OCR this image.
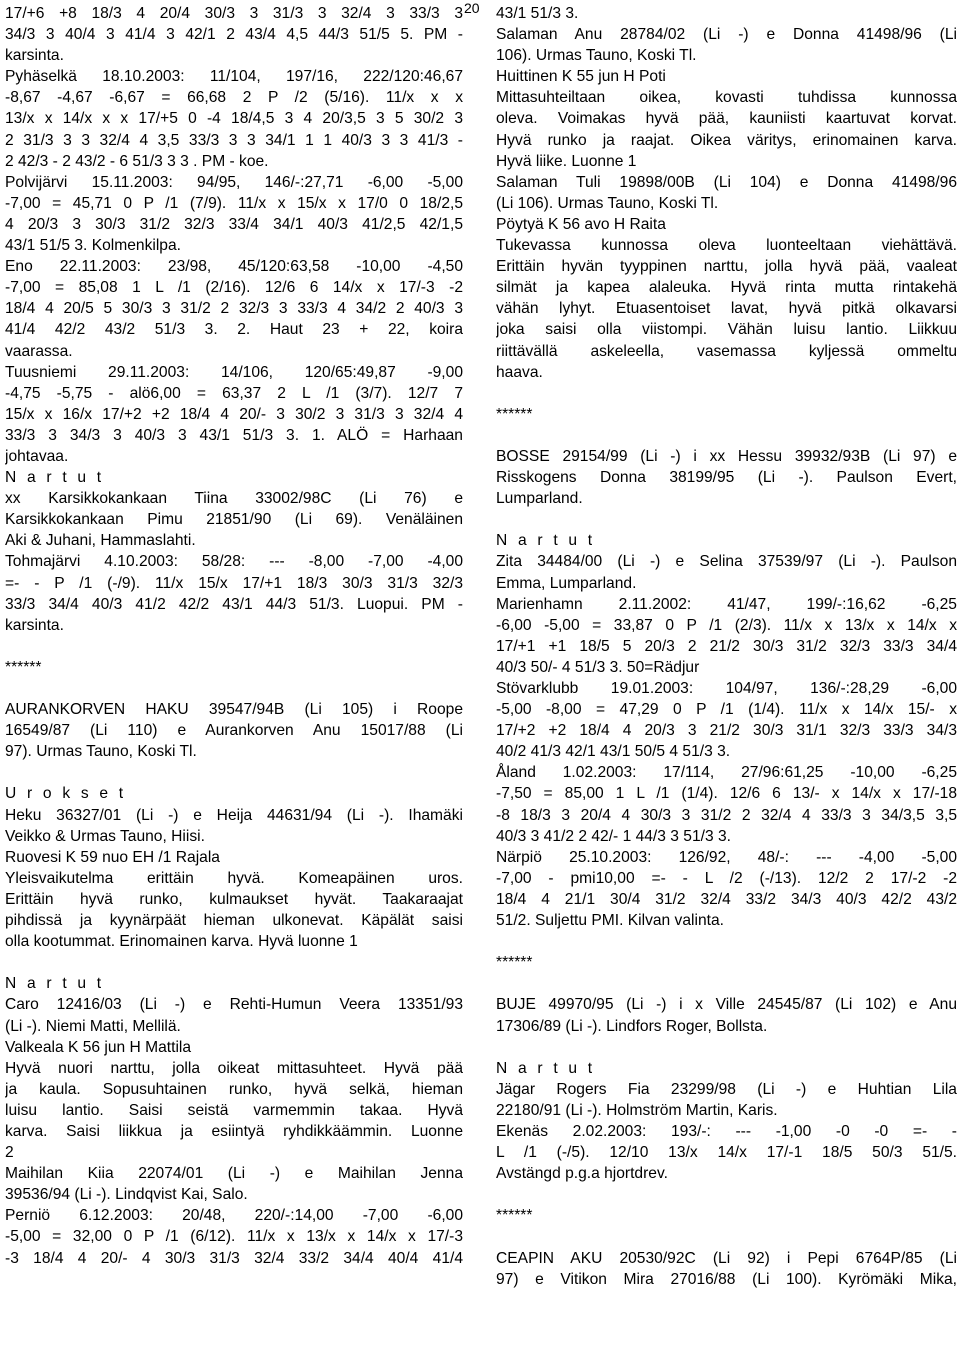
20
17/+6 +8 18/3 4 20/4 30/3 3 31/3 3 32/4 3 33/3 3
34/3 3 40/4 3 41/4 3 42/1 2 43/4 4,5 44/3 51/5 5. PM -
karsinta.
Pyhäselkä 18.10.2003: 11/104, 197/16, 222/120:46,67
-8,67 -4,67 -6,67 = 66,68 2 P /2 (5/16). 11/x x x
13/x x 14/x x x 17/+5 0 -4 18/4,5 3 4 20/3,5 3 5 30/2 3
2 31/3 3 3 32/4 4 3,5 33/3 3 3 34/1 1 1 40/3 3 3 41/3 -
2 42/3 - 2 43/2 - 6 51/3 3 3 . PM - koe.
Polvijärvi 15.11.2003: 94/95, 146/-:27,71 -6,00 -5,00
-7,00 = 45,71 0 P /1 (7/9). 11/x x 15/x x 17/0 0 18/2,5
4 20/3 3 30/3 31/2 32/3 33/4 34/1 40/3 41/2,5 42/1,5
43/1 51/5 3. Kolmenkilpa.
Eno 22.11.2003: 23/98, 45/120:63,58 -10,00 -4,50
-7,00 = 85,08 1 L /1 (2/16). 12/6 6 14/x x 17/-3 -2
18/4 4 20/5 5 30/3 3 31/2 2 32/3 3 33/3 4 34/2 2 40/3 3
41/4 42/2 43/2 51/3 3. 2. Haut 23 + 22, koira
vaarassa.
Tuusniemi 29.11.2003: 14/106, 120/65:49,87 -9,00
-4,75 -5,75 - alö6,00 = 63,37 2 L /1 (3/7). 12/7 7
15/x x 16/x 17/+2 +2 18/4 4 20/- 3 30/2 3 31/3 3 32/4 4
33/3 3 34/3 3 40/3 3 43/1 51/3 3. 1. ALÖ = Harhaan
johtavaa.
N a r t u t
xx Karsikkokankaan Tiina 33002/98C (Li 76) e
Karsikkokankaan Pimu 21851/90 (Li 69). Venäläinen
Aki & Juhani, Hammaslahti.
Tohmajärvi 4.10.2003: 58/28: --- -8,00 -7,00 -4,00
=- - P /1 (-/9). 11/x 15/x 17/+1 18/3 30/3 31/3 32/3
33/3 34/4 40/3 41/2 42/2 43/1 44/3 51/3. Luopui. PM -
karsinta.
******
AURANKORVEN HAKU 39547/94B (Li 105) i Roope
16549/87 (Li 110) e Aurankorven Anu 15017/88 (Li
97). Urmas Tauno, Koski Tl.
U r o k s e t
Heku 36327/01 (Li -) e Heija 44631/94 (Li -). Ihamäki
Veikko & Urmas Tauno, Hiisi.
Ruovesi K 59 nuo EH /1 Rajala
Yleisvaikutelma erittäin hyvä. Komeapäinen uros.
Erittäin hyvä runko, kulmaukset hyvät. Taakaraajat
pihdissä ja kyynärpäät hieman ulkonevat. Käpälät saisi
olla kootummat. Erinomainen karva. Hyvä luonne 1
N a r t u t
Caro 12416/03 (Li -) e Rehti-Humun Veera 13351/93
(Li -). Niemi Matti, Mellilä.
Valkeala K 56 jun H Mattila
Hyvä nuori narttu, jolla oikeat mittasuhteet. Hyvä pää
ja kaula. Sopusuhtainen runko, hyvä selkä, hieman
luisu lantio. Saisi seistä varmemmin takaa. Hyvä
karva. Saisi liikkua ja esiintyä ryhdikkäämmin. Luonne
2
Maihilan Kiia 22074/01 (Li -) e Maihilan Jenna
39536/94 (Li -). Lindqvist Kai, Salo.
Perniö 6.12.2003: 20/48, 220/-:14,00 -7,00 -6,00
-5,00 = 32,00 0 P /1 (6/12). 11/x x 13/x x 14/x x 17/-3
-3 18/4 4 20/- 4 30/3 31/3 32/4 33/2 34/4 40/4 41/4
43/1 51/3 3.
Salaman Anu 28784/02 (Li -) e Donna 41498/96 (Li
106). Urmas Tauno, Koski Tl.
Huittinen K 55 jun H Poti
Mittasuhteiltaan oikea, kovasti tuhdissa kunnossa
oleva. Voimakas hyvä pää, kauniisti kaartuvat korvat.
Hyvä runko ja raajat. Oikea väritys, erinomainen karva.
Hyvä liike. Luonne 1
Salaman Tuli 19898/00B (Li 104) e Donna 41498/96
(Li 106). Urmas Tauno, Koski Tl.
Pöytyä K 56 avo H Raita
Tukevassa kunnossa oleva luonteeltaan viehättävä.
Erittäin hyvän tyyppinen narttu, jolla hyvä pää, vaaleat
silmät ja kapea alaleuka. Hyvä rinta mutta rintakehä
vähän lyhyt. Etuasentoiset lavat, hyvä pitkä olkavarsi
joka saisi olla viistompi. Vähän luisu lantio. Liikkuu
riittävällä askeleella, vasemassa kyljessä ommeltu
haava.
******
BOSSE 29154/99 (Li -) i xx Hessu 39932/93B (Li 97) e
Risskogens Donna 38199/95 (Li -). Paulson Evert,
Lumparland.
N a r t u t
Zita 34484/00 (Li -) e Selina 37539/97 (Li -). Paulson
Emma, Lumparland.
Marienhamn 2.11.2002: 41/47, 199/-:16,62 -6,25
-6,00 -5,00 = 33,87 0 P /1 (2/3). 11/x x 13/x x 14/x x
17/+1 +1 18/5 5 20/3 2 21/2 30/3 31/2 32/3 33/3 34/4
40/3 50/- 4 51/3 3. 50=Rädjur
Stövarklubb 19.01.2003: 104/97, 136/-:28,29 -6,00
-5,00 -8,00 = 47,29 0 P /1 (1/4). 11/x x 14/x 15/- x
17/+2 +2 18/4 4 20/3 3 21/2 30/3 31/1 32/3 33/3 34/3
40/2 41/3 42/1 43/1 50/5 4 51/3 3.
Åland 1.02.2003: 17/114, 27/96:61,25 -10,00 -6,25
-7,50 = 85,00 1 L /1 (1/4). 12/6 6 13/- x 14/x x 17/-18
-8 18/3 3 20/4 4 30/3 3 31/2 2 32/4 4 33/3 3 34/3,5 3,5
40/3 3 41/2 2 42/- 1 44/3 3 51/3 3.
Närpiö 25.10.2003: 126/92, 48/-: --- -4,00 -5,00
-7,00 - pmi10,00 =- - L /2 (-/13). 12/2 2 17/-2 -2
18/4 4 21/1 30/4 31/2 32/4 33/2 34/3 40/3 42/2 43/2
51/2. Suljettu PMI. Kilvan valinta.
******
BUJE 49970/95 (Li -) i x Ville 24545/87 (Li 102) e Anu
17306/89 (Li -). Lindfors Roger, Bollsta.
N a r t u t
Jägar Rogers Fia 23299/98 (Li -) e Huhtian Lila
22180/91 (Li -). Holmström Martin, Karis.
Ekenäs 2.02.2003: 193/-: --- -1,00 -0 -0 =- -
L /1 (-/5). 12/10 13/x 14/x 17/-1 18/5 50/3 51/5.
Avstängd p.g.a hjortdrev.
******
CEAPIN AKU 20530/92C (Li 92) i Pepi 6764P/85 (Li
97) e Vitikon Mira 27016/88 (Li 100). Kyrömäki Mika,
